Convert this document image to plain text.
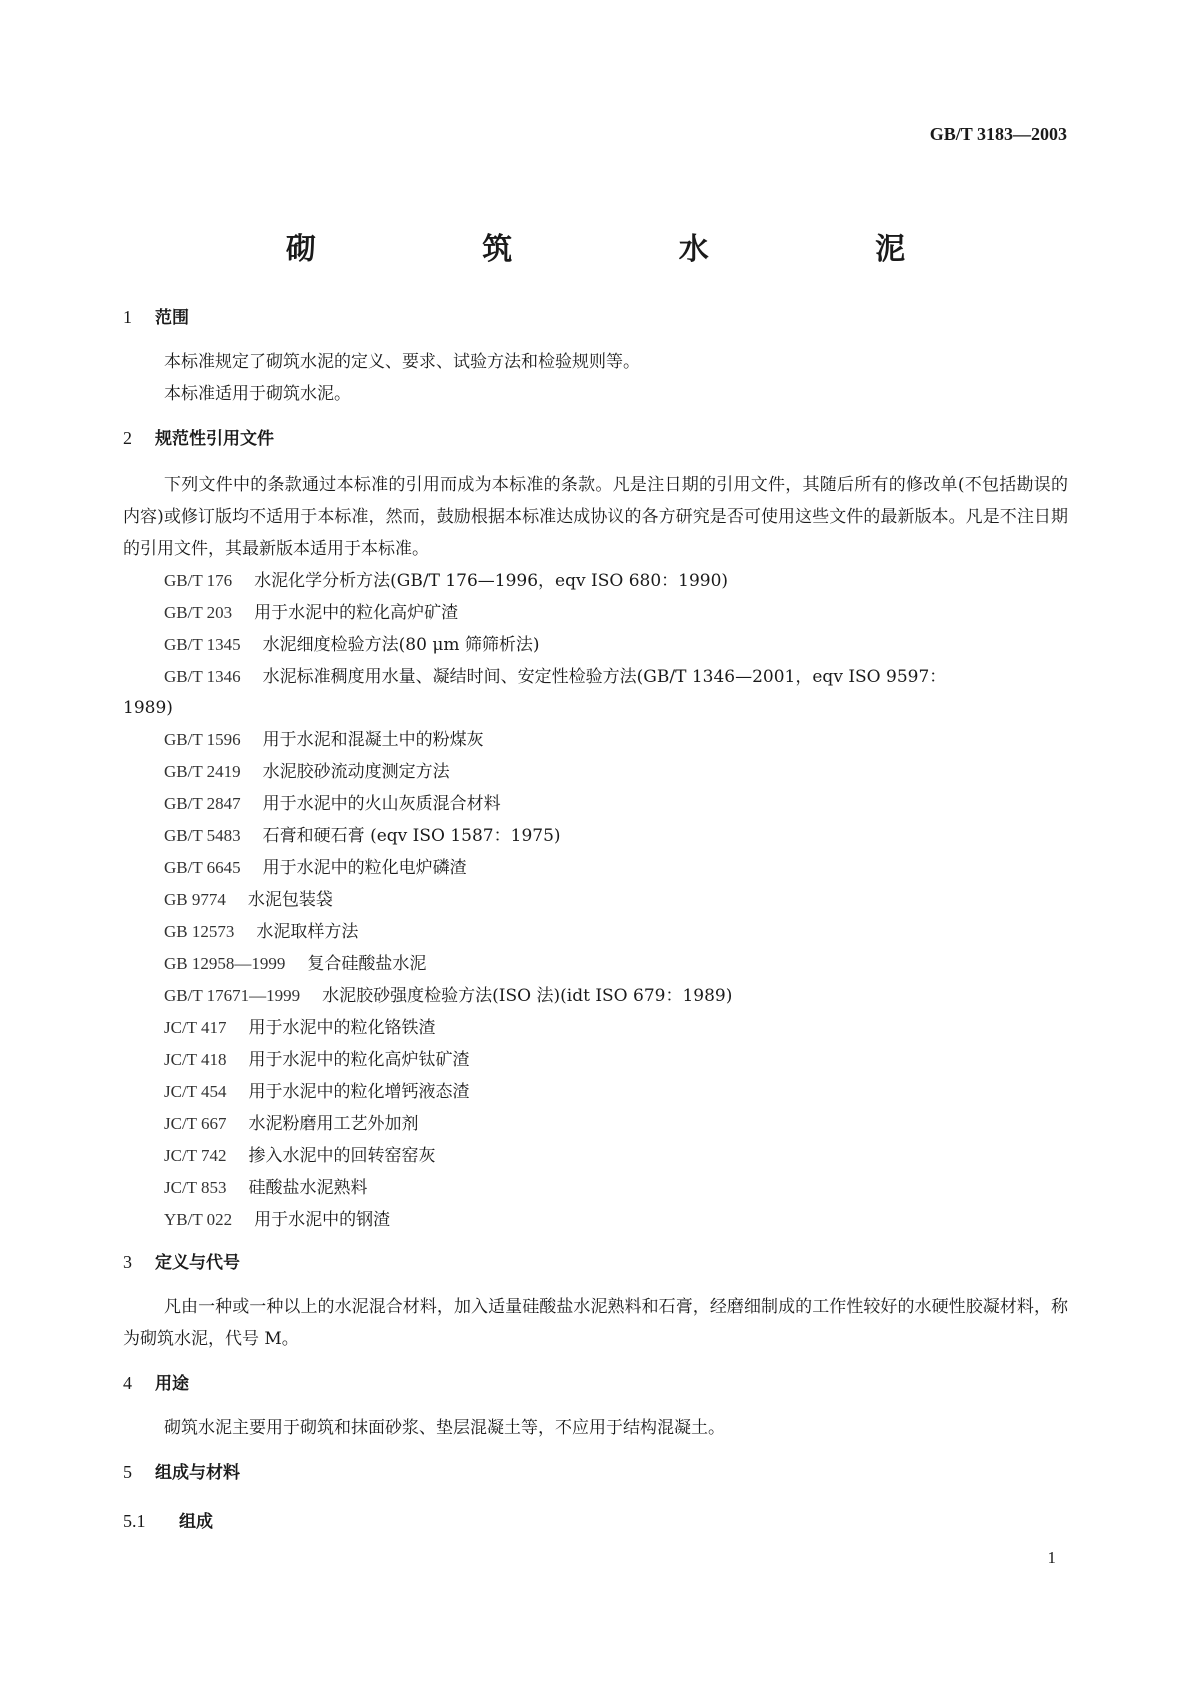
GB/T 3183—2003
砌 筑 水 泥
1 范围
本标准规定了砌筑水泥的定义、要求、试验方法和检验规则等。
本标准适用于砌筑水泥。
2 规范性引用文件
下列文件中的条款通过本标准的引用而成为本标准的条款。凡是注日期的引用文件，其随后所有的修改单(不包括勘误的内容)或修订版均不适用于本标准，然而，鼓励根据本标准达成协议的各方研究是否可使用这些文件的最新版本。凡是不注日期的引用文件，其最新版本适用于本标准。
GB/T 176 水泥化学分析方法(GB/T 176—1996，eqv ISO 680：1990)
GB/T 203 用于水泥中的粒化高炉矿渣
GB/T 1345 水泥细度检验方法(80 μm 筛筛析法)
GB/T 1346 水泥标准稠度用水量、凝结时间、安定性检验方法(GB/T 1346—2001，eqv ISO 9597：
1989)
GB/T 1596 用于水泥和混凝土中的粉煤灰
GB/T 2419 水泥胶砂流动度测定方法
GB/T 2847 用于水泥中的火山灰质混合材料
GB/T 5483 石膏和硬石膏 (eqv ISO 1587：1975)
GB/T 6645 用于水泥中的粒化电炉磷渣
GB 9774 水泥包装袋
GB 12573 水泥取样方法
GB 12958—1999 复合硅酸盐水泥
GB/T 17671—1999 水泥胶砂强度检验方法(ISO 法)(idt ISO 679：1989)
JC/T 417 用于水泥中的粒化铬铁渣
JC/T 418 用于水泥中的粒化高炉钛矿渣
JC/T 454 用于水泥中的粒化增钙液态渣
JC/T 667 水泥粉磨用工艺外加剂
JC/T 742 掺入水泥中的回转窑窑灰
JC/T 853 硅酸盐水泥熟料
YB/T 022 用于水泥中的钢渣
3 定义与代号
凡由一种或一种以上的水泥混合材料，加入适量硅酸盐水泥熟料和石膏，经磨细制成的工作性较好的水硬性胶凝材料，称为砌筑水泥，代号 M。
4 用途
砌筑水泥主要用于砌筑和抹面砂浆、垫层混凝土等，不应用于结构混凝土。
5 组成与材料
5.1 组成
1
